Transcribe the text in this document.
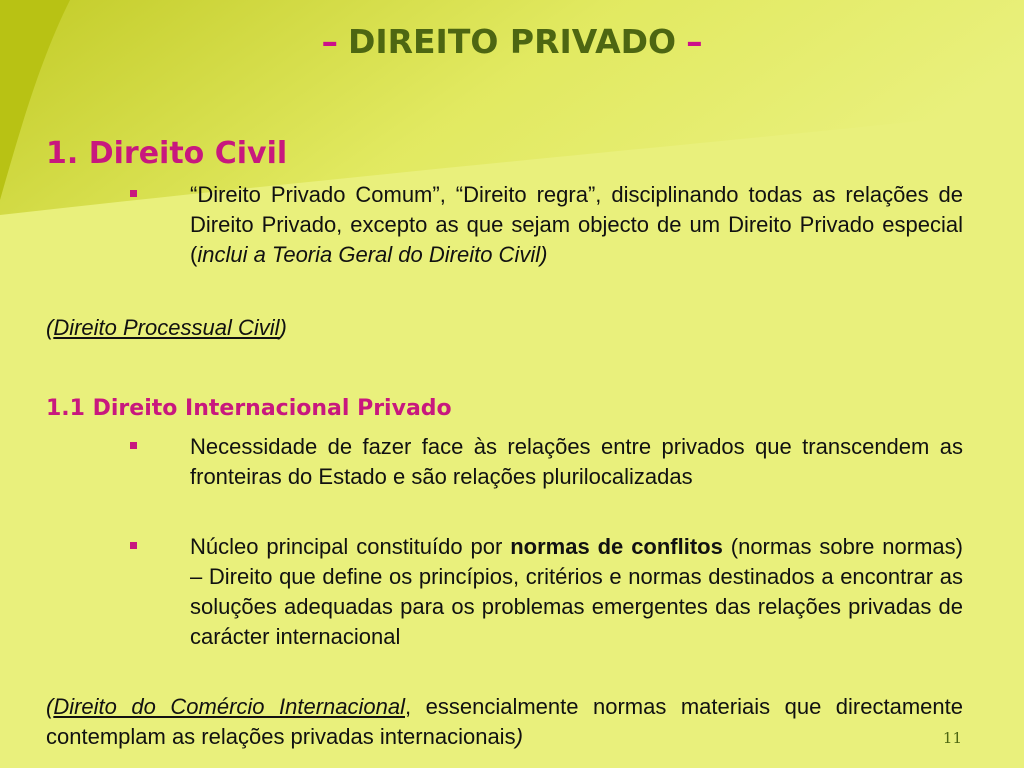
– DIREITO PRIVADO –
1. Direito Civil
“Direito Privado Comum”, “Direito regra”, disciplinando todas as relações de Direito Privado, excepto as que sejam objecto de um Direito Privado especial (inclui a Teoria Geral do Direito Civil)
(Direito Processual Civil)
1.1 Direito Internacional Privado
Necessidade de fazer face às relações entre privados que transcendem as fronteiras do Estado e são relações plurilocalizadas
Núcleo principal constituído por normas de conflitos (normas sobre normas) – Direito que define os princípios, critérios e normas destinados a encontrar as soluções adequadas para os problemas emergentes das relações privadas de carácter internacional
(Direito do Comércio Internacional, essencialmente normas materiais que directamente contemplam as relações privadas internacionais)	11
